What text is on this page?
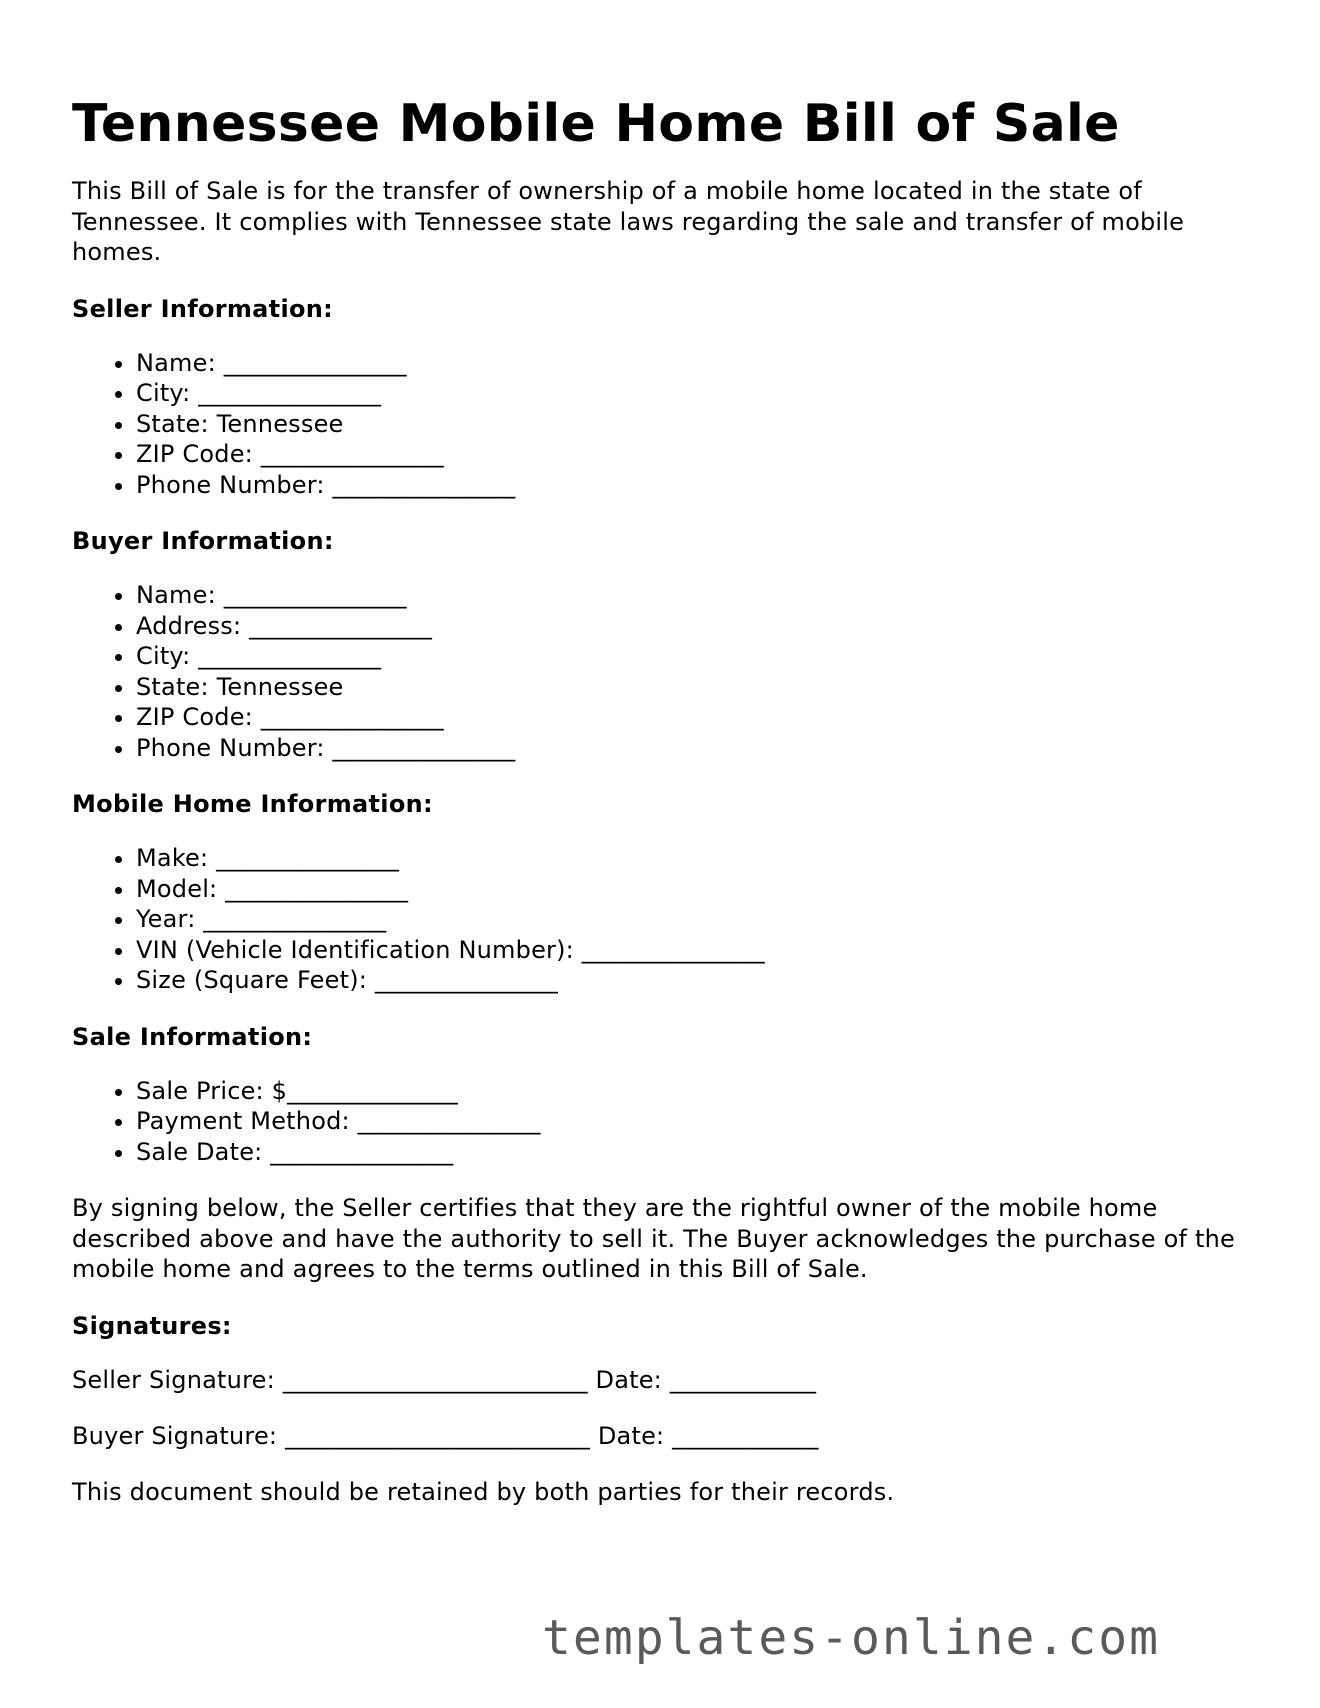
Tennessee Mobile Home Bill of Sale

This Bill of Sale is for the transfer of ownership of a mobile home located in the state of Tennessee. It complies with Tennessee state laws regarding the sale and transfer of mobile homes.

Seller Information:
• Name: _______________
• City: _______________
• State: Tennessee
• ZIP Code: _______________
• Phone Number: _______________
Buyer Information:
• Name: _______________
• Address: _______________
• City: _______________
• State: Tennessee
• ZIP Code: _______________
• Phone Number: _______________
Mobile Home Information:
• Make: _______________
• Model: _______________
• Year: _______________
• VIN (Vehicle Identification Number): _______________
• Size (Square Feet): _______________
Sale Information:
• Sale Price: $______________
• Payment Method: _______________
• Sale Date: _______________

By signing below, the Seller certifies that they are the rightful owner of the mobile home described above and have the authority to sell it. The Buyer acknowledges the purchase of the mobile home and agrees to the terms outlined in this Bill of Sale.

Signatures:
Seller Signature: _________________________ Date: ____________
Buyer Signature: _________________________ Date: ____________

This document should be retained by both parties for their records.

templates-online.com
